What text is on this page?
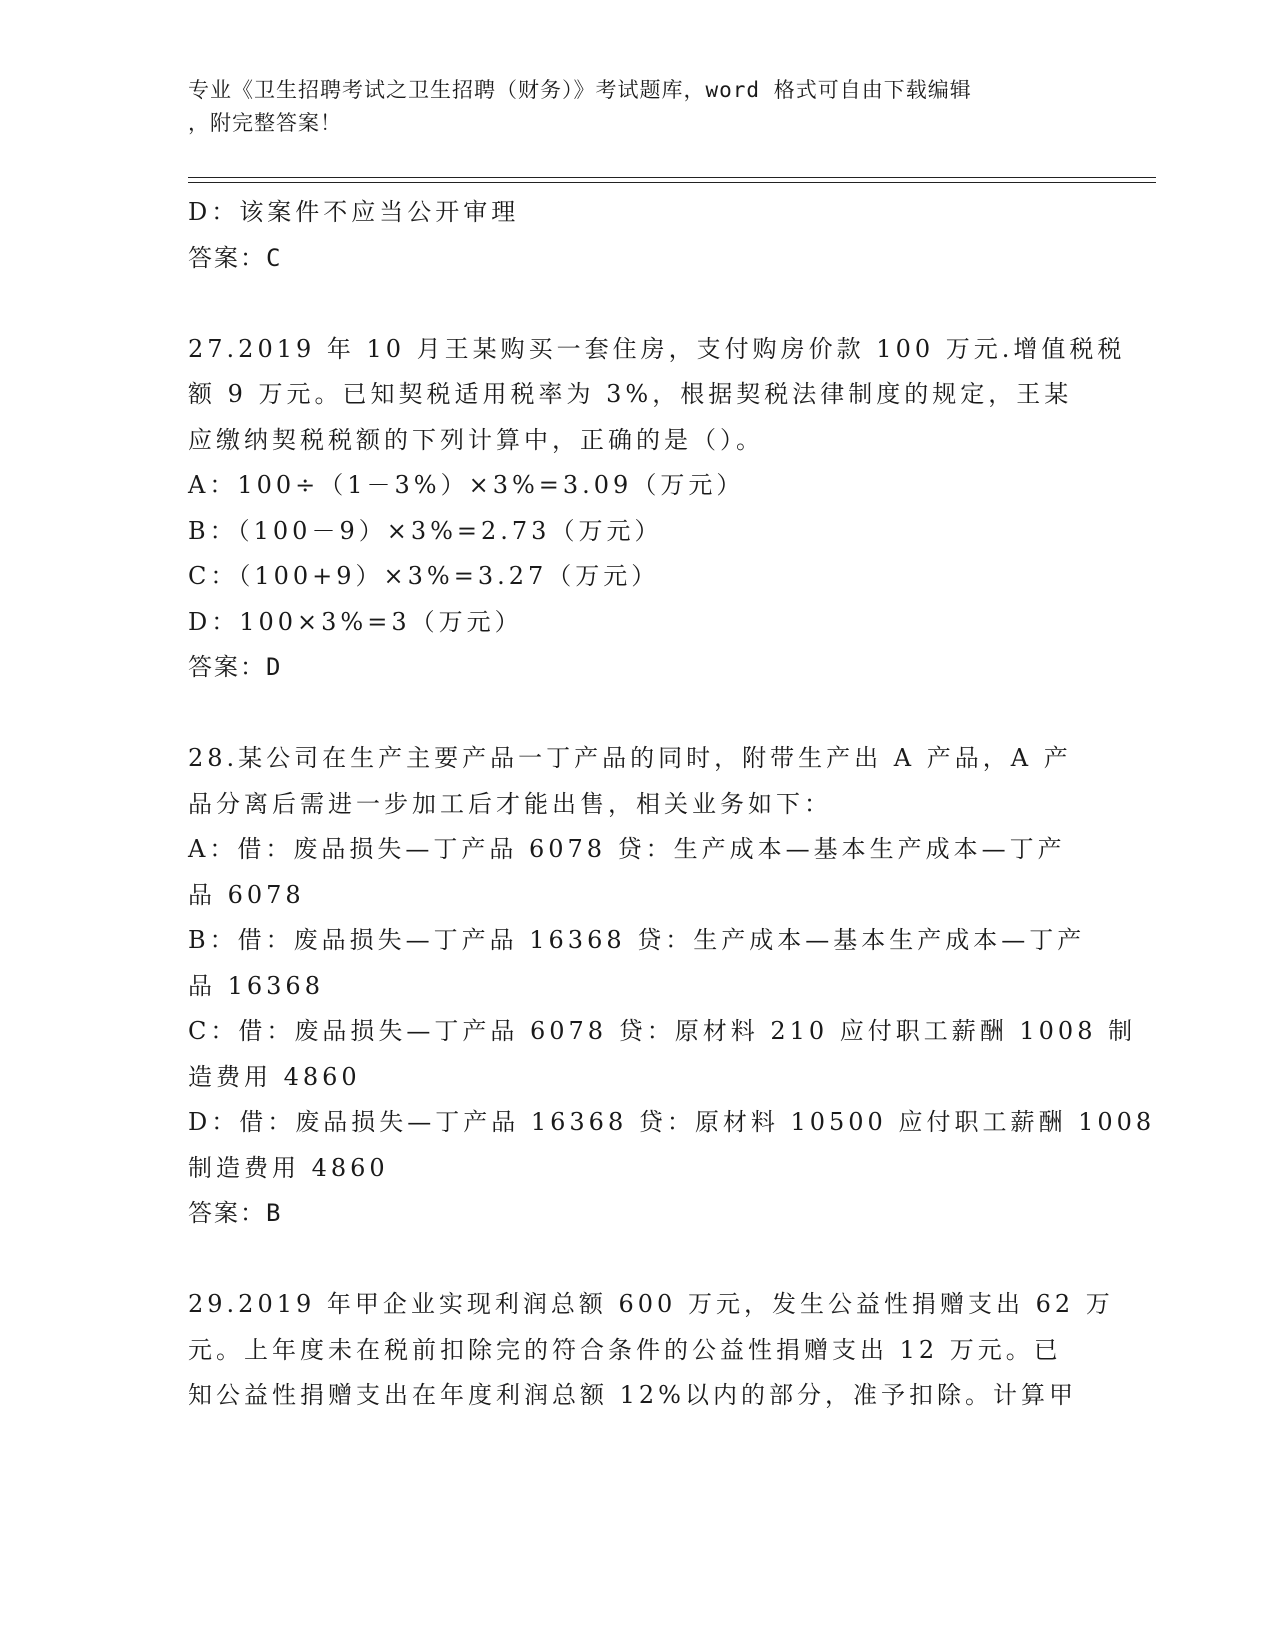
专业《卫生招聘考试之卫生招聘（财务）》考试题库，word 格式可自由下载编辑
，附完整答案！
D：该案件不应当公开审理
答案：C
27.2019 年 10 月王某购买一套住房，支付购房价款 100 万元.增值税税
额 9 万元。已知契税适用税率为 3%，根据契税法律制度的规定，王某
应缴纳契税税额的下列计算中，正确的是（）。
A：100÷（1－3%）×3%=3.09（万元）
B：（100－9）×3%=2.73（万元）
C：（100+9）×3%=3.27（万元）
D：100×3%=3（万元）
答案：D
28.某公司在生产主要产品一丁产品的同时，附带生产出 A 产品，A 产
品分离后需进一步加工后才能出售，相关业务如下：
A：借：废品损失—丁产品 6078 贷：生产成本—基本生产成本—丁产
品 6078
B：借：废品损失—丁产品 16368 贷：生产成本—基本生产成本—丁产
品 16368
C：借：废品损失—丁产品 6078 贷：原材料 210 应付职工薪酬 1008 制
造费用 4860
D：借：废品损失—丁产品 16368 贷：原材料 10500 应付职工薪酬 1008
制造费用 4860
答案：B
29.2019 年甲企业实现利润总额 600 万元，发生公益性捐赠支出 62 万
元。上年度未在税前扣除完的符合条件的公益性捐赠支出 12 万元。已
知公益性捐赠支出在年度利润总额 12%以内的部分，准予扣除。计算甲
